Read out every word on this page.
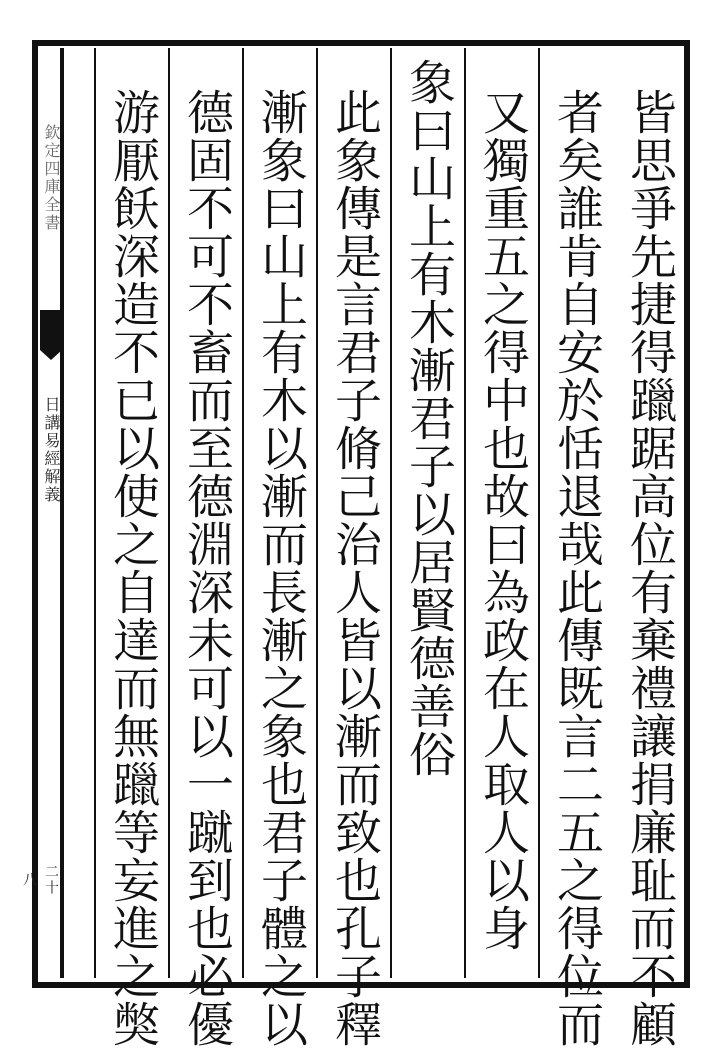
欽定四庫全書
日講易經解義
二十八	皆思爭先捷得躐踞高位有棄禮讓捐廉耻而不顧
者矣誰肯自安於恬退哉此傳既言二五之得位而
又獨重五之得中也故曰為政在人取人以身
象曰山上有木漸君子以居賢德善俗
此象傳是言君子脩己治人皆以漸而致也孔子釋
漸象曰山上有木以漸而長漸之象也君子體之以
德固不可不畜而至德淵深未可以一蹴到也必優
游厭飫深造不已以使之自達而無躐等妄進之獘
